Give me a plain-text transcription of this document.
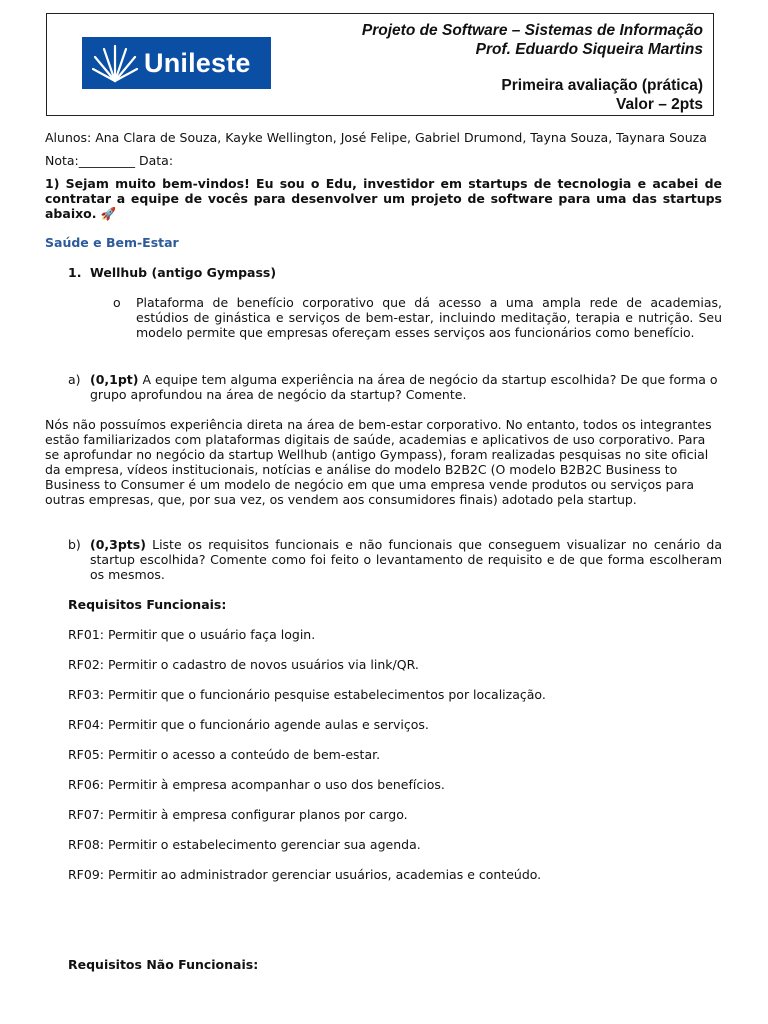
Unileste
Projeto de Software – Sistemas de Informação
Prof. Eduardo Siqueira Martins
Primeira avaliação (prática)
Valor – 2pts
Alunos: Ana Clara de Souza, Kayke Wellington, José Felipe, Gabriel Drumond, Tayna Souza, Taynara Souza
Nota:_________ Data:
1) Sejam muito bem-vindos! Eu sou o Edu, investidor em startups de tecnologia e acabei de contratar a equipe de vocês para desenvolver um projeto de software para uma das startups abaixo. 🚀
Saúde e Bem-Estar
1. Wellhub (antigo Gympass)
o Plataforma de benefício corporativo que dá acesso a uma ampla rede de academias, estúdios de ginástica e serviços de bem-estar, incluindo meditação, terapia e nutrição. Seu modelo permite que empresas ofereçam esses serviços aos funcionários como benefício.
a) (0,1pt) A equipe tem alguma experiência na área de negócio da startup escolhida? De que forma o grupo aprofundou na área de negócio da startup? Comente.
Nós não possuímos experiência direta na área de bem-estar corporativo. No entanto, todos os integrantes estão familiarizados com plataformas digitais de saúde, academias e aplicativos de uso corporativo. Para se aprofundar no negócio da startup Wellhub (antigo Gympass), foram realizadas pesquisas no site oficial da empresa, vídeos institucionais, notícias e análise do modelo B2B2C (O modelo B2B2C Business to Business to Consumer é um modelo de negócio em que uma empresa vende produtos ou serviços para outras empresas, que, por sua vez, os vendem aos consumidores finais) adotado pela startup.
b) (0,3pts) Liste os requisitos funcionais e não funcionais que conseguem visualizar no cenário da startup escolhida? Comente como foi feito o levantamento de requisito e de que forma escolheram os mesmos.
Requisitos Funcionais:
RF01: Permitir que o usuário faça login.
RF02: Permitir o cadastro de novos usuários via link/QR.
RF03: Permitir que o funcionário pesquise estabelecimentos por localização.
RF04: Permitir que o funcionário agende aulas e serviços.
RF05: Permitir o acesso a conteúdo de bem-estar.
RF06: Permitir à empresa acompanhar o uso dos benefícios.
RF07: Permitir à empresa configurar planos por cargo.
RF08: Permitir o estabelecimento gerenciar sua agenda.
RF09: Permitir ao administrador gerenciar usuários, academias e conteúdo.
Requisitos Não Funcionais:
